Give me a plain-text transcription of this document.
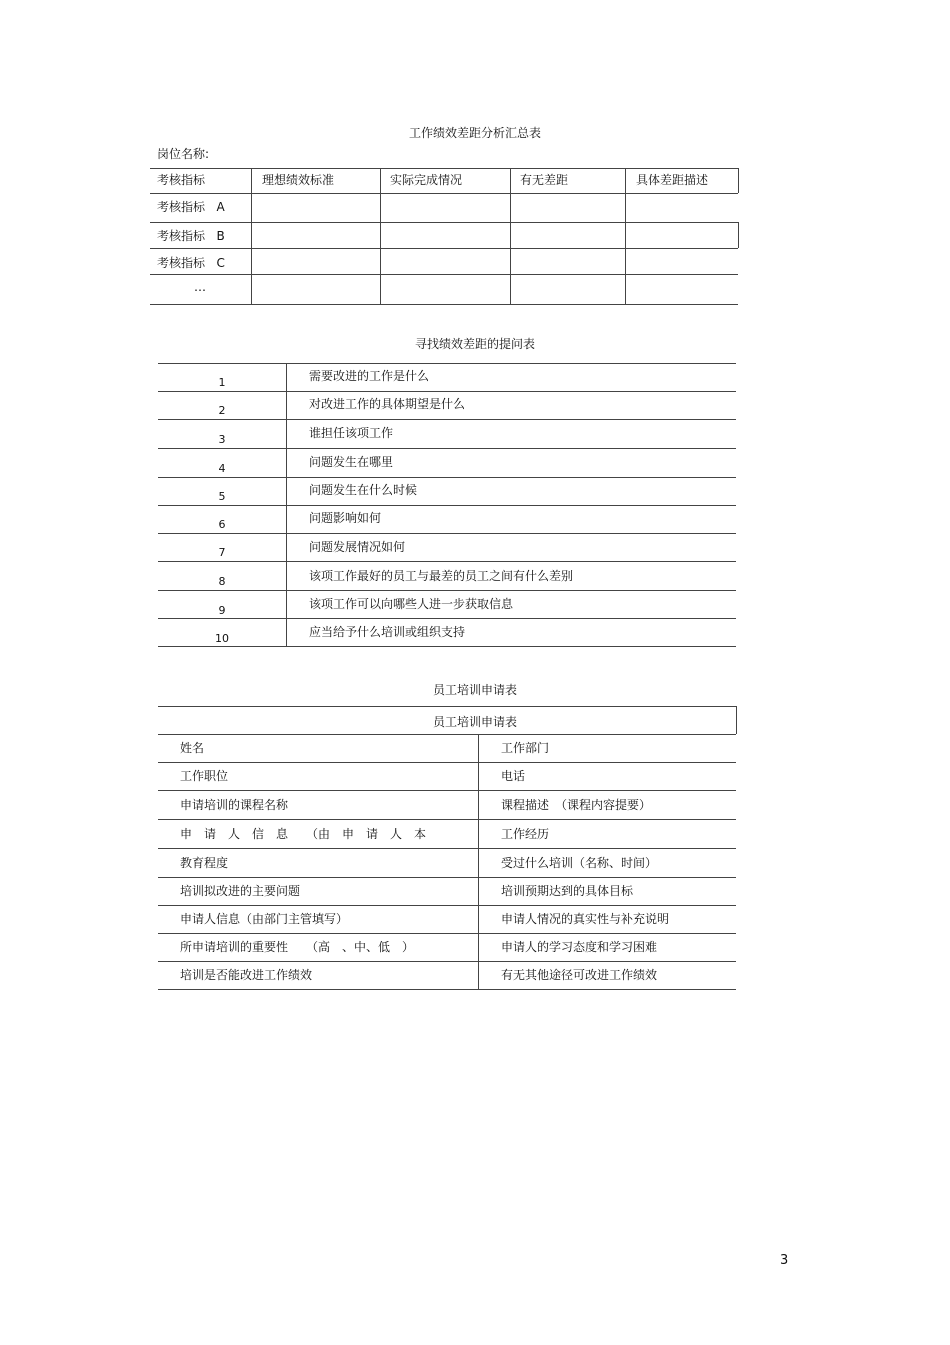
工作绩效差距分析汇总表
岗位名称:
考核指标	理想绩效标准	实际完成情况	有无差距	具体差距描述
考核指标 A
考核指标 B
考核指标 C
…
寻找绩效差距的提问表
1	需要改进的工作是什么
2	对改进工作的具体期望是什么
3	谁担任该项工作
4	问题发生在哪里
5	问题发生在什么时候
6	问题影响如何
7	问题发展情况如何
8	该项工作最好的员工与最差的员工之间有什么差别
9	该项工作可以向哪些人进一步获取信息
10	应当给予什么培训或组织支持
员工培训申请表
员工培训申请表
姓名	工作部门
工作职位	电话
申请培训的课程名称	课程描述　（课程内容提要）
申　请　人　信　息　　（由　申　请　人　本	工作经历
教育程度	受过什么培训（名称、时间）
培训拟改进的主要问题	培训预期达到的具体目标
申请人信息（由部门主管填写）	申请人情况的真实性与补充说明
所申请培训的重要性　　（高　、中、低　）	申请人的学习态度和学习困难
培训是否能改进工作绩效	有无其他途径可改进工作绩效
3
